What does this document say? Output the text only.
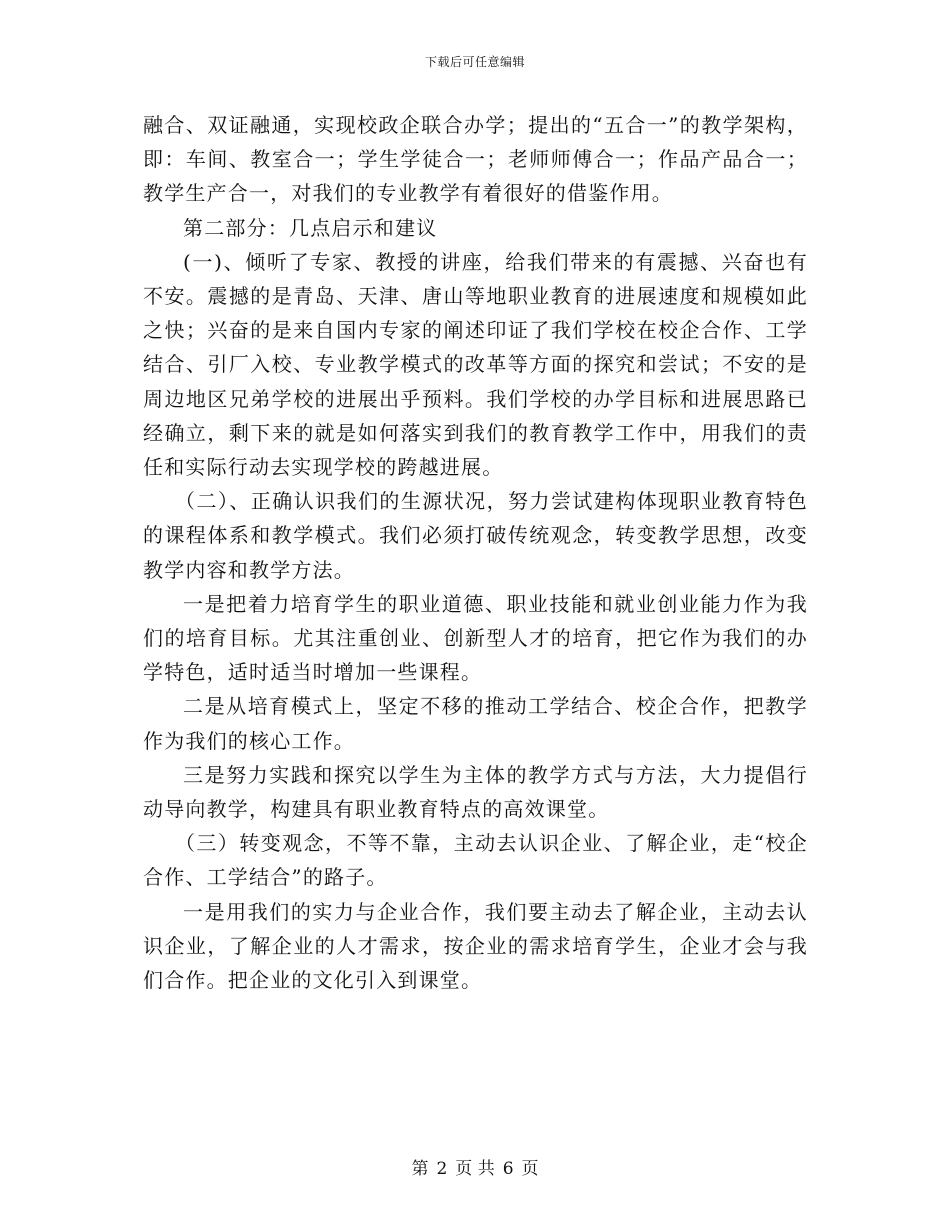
下载后可任意编辑

融合、双证融通，实现校政企联合办学；提出的“五合一”的教学架构，即：车间、教室合一；学生学徒合一；老师师傅合一；作品产品合一；教学生产合一，对我们的专业教学有着很好的借鉴作用。

第二部分：几点启示和建议

(一)、倾听了专家、教授的讲座，给我们带来的有震撼、兴奋也有不安。震撼的是青岛、天津、唐山等地职业教育的进展速度和规模如此之快；兴奋的是来自国内专家的阐述印证了我们学校在校企合作、工学结合、引厂入校、专业教学模式的改革等方面的探究和尝试；不安的是周边地区兄弟学校的进展出乎预料。我们学校的办学目标和进展思路已经确立，剩下来的就是如何落实到我们的教育教学工作中，用我们的责任和实际行动去实现学校的跨越进展。

（二）、正确认识我们的生源状况，努力尝试建构体现职业教育特色的课程体系和教学模式。我们必须打破传统观念，转变教学思想，改变教学内容和教学方法。

一是把着力培育学生的职业道德、职业技能和就业创业能力作为我们的培育目标。尤其注重创业、创新型人才的培育，把它作为我们的办学特色，适时适当时增加一些课程。

二是从培育模式上，坚定不移的推动工学结合、校企合作，把教学作为我们的核心工作。

三是努力实践和探究以学生为主体的教学方式与方法，大力提倡行动导向教学，构建具有职业教育特点的高效课堂。

（三）转变观念，不等不靠，主动去认识企业、了解企业，走“校企合作、工学结合”的路子。

一是用我们的实力与企业合作，我们要主动去了解企业，主动去认识企业，了解企业的人才需求，按企业的需求培育学生，企业才会与我们合作。把企业的文化引入到课堂。

第 2 页 共 6 页
